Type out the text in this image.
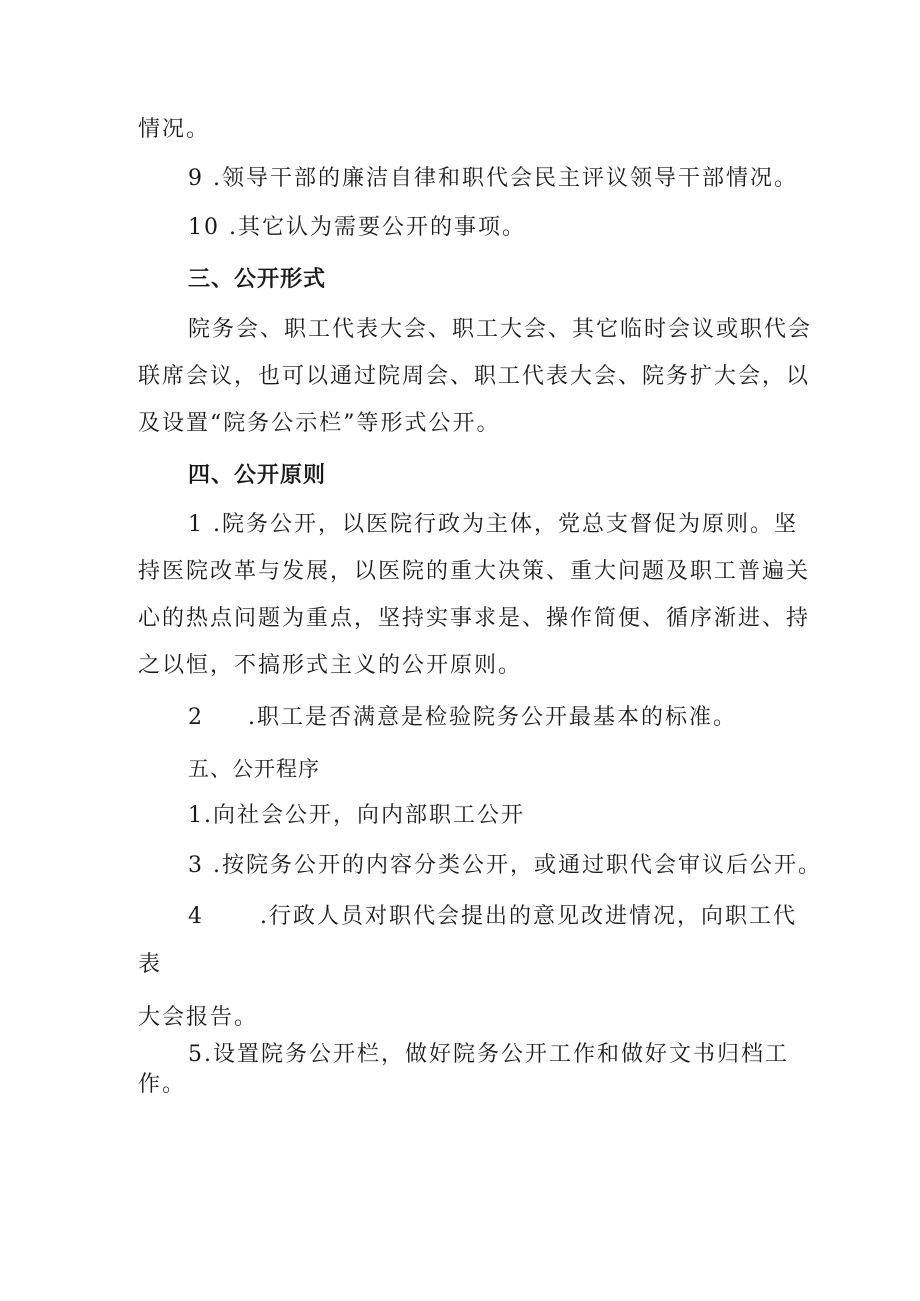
情况。
9 .领导干部的廉洁自律和职代会民主评议领导干部情况。
10 .其它认为需要公开的事项。
三、公开形式
院务会、职工代表大会、职工大会、其它临时会议或职代会
联席会议，也可以通过院周会、职工代表大会、院务扩大会，以
及设置“院务公示栏”等形式公开。
四、公开原则
1 .院务公开，以医院行政为主体，党总支督促为原则。坚
持医院改革与发展，以医院的重大决策、重大问题及职工普遍关
心的热点问题为重点，坚持实事求是、操作简便、循序渐进、持
之以恒，不搞形式主义的公开原则。
2 .职工是否满意是检验院务公开最基本的标准。
五、公开程序
1.向社会公开，向内部职工公开
3 .按院务公开的内容分类公开，或通过职代会审议后公开。
4	.行政人员对职代会提出的意见改进情况，向职工代
表
大会报告。
5.设置院务公开栏，做好院务公开工作和做好文书归档工
作。
